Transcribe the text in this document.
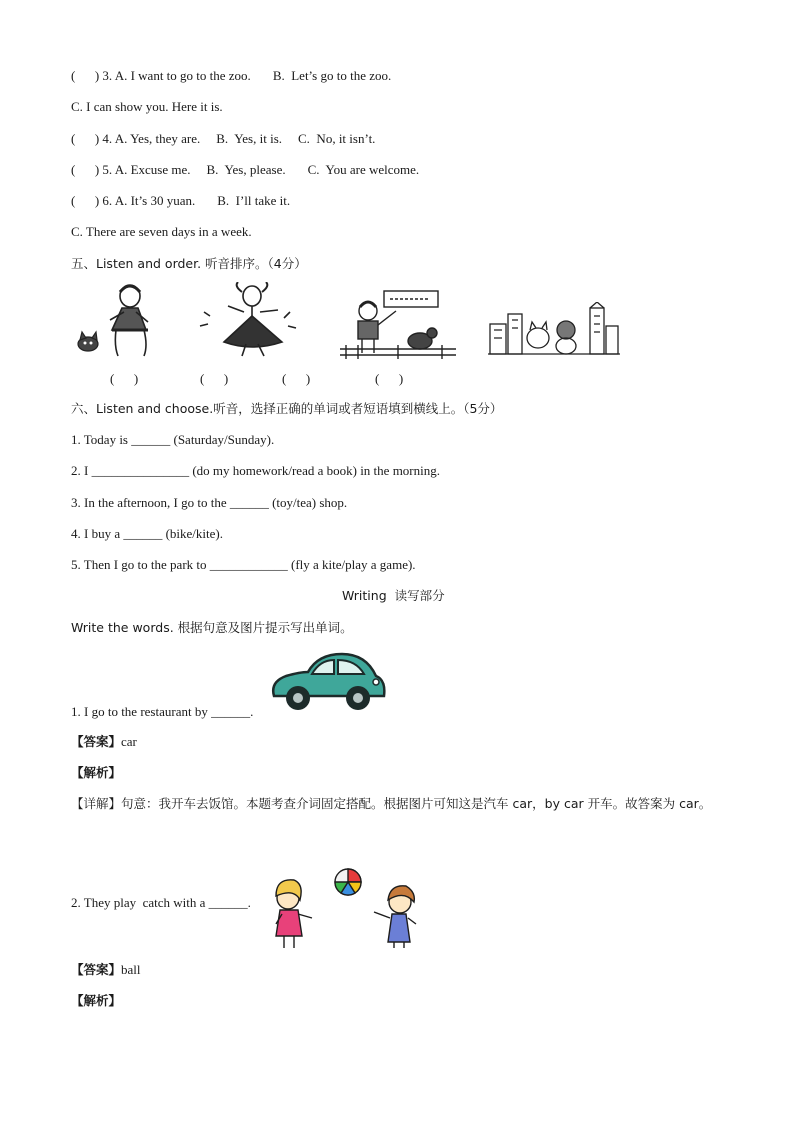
(      ) 3. A. I want to go to the zoo. B.  Let’s go to the zoo.
C. I can show you. Here it is.
(      ) 4. A. Yes, they are. B.  Yes, it is. C.  No, it isn’t.
(      ) 5. A. Excuse me. B.  Yes, please. C.  You are welcome.
(      ) 6. A. It’s 30 yuan. B.  I’ll take it.
C. There are seven days in a week.
五、Listen and order. 听音排序。（4分）
(      )	(      )	(      )	(      )
六、Listen and choose.听音，选择正确的单词或者短语填到横线上。（5分）
1. Today is ______ (Saturday/Sunday).
2. I _______________ (do my homework/read a book) in the morning.
3. In the afternoon, I go to the ______ (toy/tea) shop.
4. I buy a ______ (bike/kite).
5. Then I go to the park to ____________ (fly a kite/play a game).
Writing  读写部分
Write the words. 根据句意及图片提示写出单词。
1. I go to the restaurant by ______.
【答案】car
【解析】
【详解】句意：我开车去饭馆。本题考查介词固定搭配。根据图片可知这是汽车 car，by car 开车。故答案为 car。
2. They play  catch with a ______.
【答案】ball
【解析】
